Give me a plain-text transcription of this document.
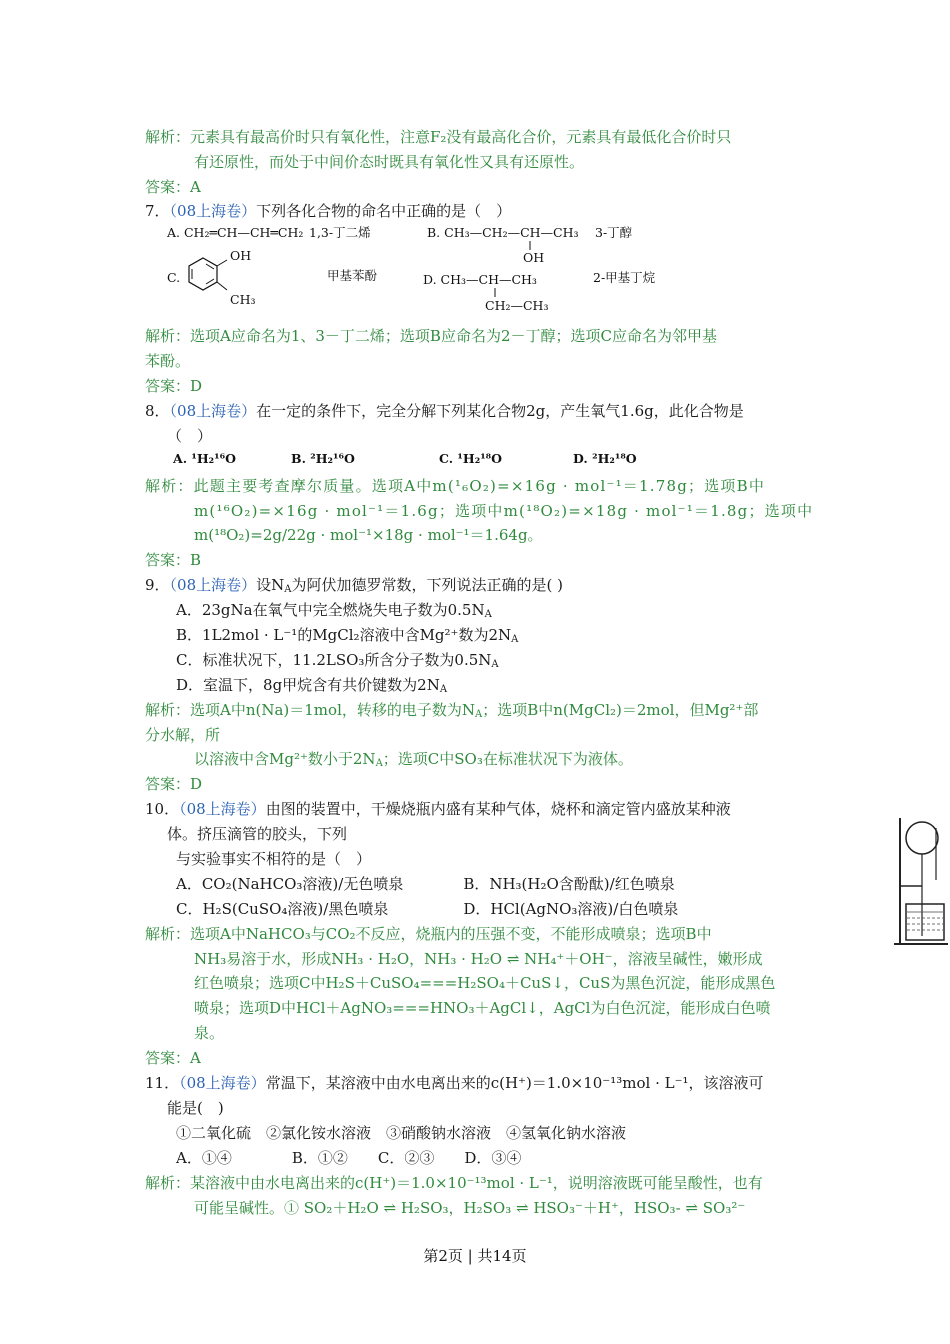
解析：元素具有最高价时只有氧化性，注意F₂没有最高化合价，元素具有最低化合价时只
有还原性，而处于中间价态时既具有氧化性又具有还原性。
答案：A
7．（08上海卷）下列各化合物的命名中正确的是（　）
解析：选项A应命名为1、3－丁二烯；选项B应命名为2－丁醇；选项C应命名为邻甲基
苯酚。
答案：D
8．（08上海卷）在一定的条件下，完全分解下列某化合物2g，产生氧气1.6g，此化合物是
（　）
解析：此题主要考查摩尔质量。选项A中m(¹₆O₂)=×16g · mol⁻¹＝1.78g；选项B中
m(¹⁶O₂)=×16g · mol⁻¹＝1.6g；选项中m(¹⁸O₂)=×18g · mol⁻¹＝1.8g；选项中
m(¹⁸O₂)=2g/22g · mol⁻¹×18g · mol⁻¹＝1.64g。
答案：B
9．（08上海卷）设$N_A$为阿伏加德罗常数，下列说法正确的是( )
A．23gNa在氧气中完全燃烧失电子数为$0.5N_A$
B．1L2mol · L⁻¹的MgCl₂溶液中含Mg²⁺数为$2N_A$
C．标准状况下，11.2LSO₃所含分子数为$0.5N_A$
D．室温下，8g甲烷含有共价键数为$2N_A$
解析：选项A中n(Na)＝1mol，转移的电子数为$N_A$；选项B中n(MgCl₂)＝2mol，但Mg²⁺部
分水解，所
以溶液中含Mg²⁺数小于$2N_A$；选项C中SO₃在标准状况下为液体。
答案：D
10．（08上海卷）由图的装置中，干燥烧瓶内盛有某种气体，烧杯和滴定管内盛放某种液
体。挤压滴管的胶头，下列
与实验事实不相符的是（　）
A．CO₂(NaHCO₃溶液)/无色喷泉　　　　B．NH₃(H₂O含酚酞)/红色喷泉
C．H₂S(CuSO₄溶液)/黑色喷泉　　　　　D．HCl(AgNO₃溶液)/白色喷泉
解析：选项A中NaHCO₃与CO₂不反应，烧瓶内的压强不变，不能形成喷泉；选项B中
NH₃易溶于水，形成NH₃ · H₂O，NH₃ · H₂O ⇌ NH₄⁺＋OH⁻，溶液呈碱性，嫩形成
红色喷泉；选项C中H₂S＋CuSO₄===H₂SO₄＋CuS↓，CuS为黑色沉淀，能形成黑色
喷泉；选项D中HCl＋AgNO₃===HNO₃＋AgCl↓，AgCl为白色沉淀，能形成白色喷
泉。
答案：A
11．（08上海卷）常温下，某溶液中由水电离出来的c(H⁺)＝1.0×10⁻¹³mol · L⁻¹，该溶液可
能是(　)
①二氧化硫　②氯化铵水溶液　③硝酸钠水溶液　④氢氧化钠水溶液
A．①④　　　　B．①②　　C．②③　　D．③④
解析：某溶液中由水电离出来的c(H⁺)＝1.0×10⁻¹³mol · L⁻¹，说明溶液既可能呈酸性，也有
可能呈碱性。① SO₂＋H₂O ⇌ H₂SO₃，H₂SO₃ ⇌ HSO₃⁻＋H⁺，HSO₃- ⇌ SO₃²⁻
A. CH₂═CH—CH═CH₂ 1,3-丁二烯	B. CH₃—CH₂—CH—CH₃ 3-丁醇
OH
C.
OH
CH₃
甲基苯酚	D. CH₃—CH—CH₃
CH₂—CH₃
2-甲基丁烷
A. ¹H₂¹⁶O	B. ²H₂¹⁶O	C. ¹H₂¹⁸O	D. ²H₂¹⁸O
第2页 | 共14页
